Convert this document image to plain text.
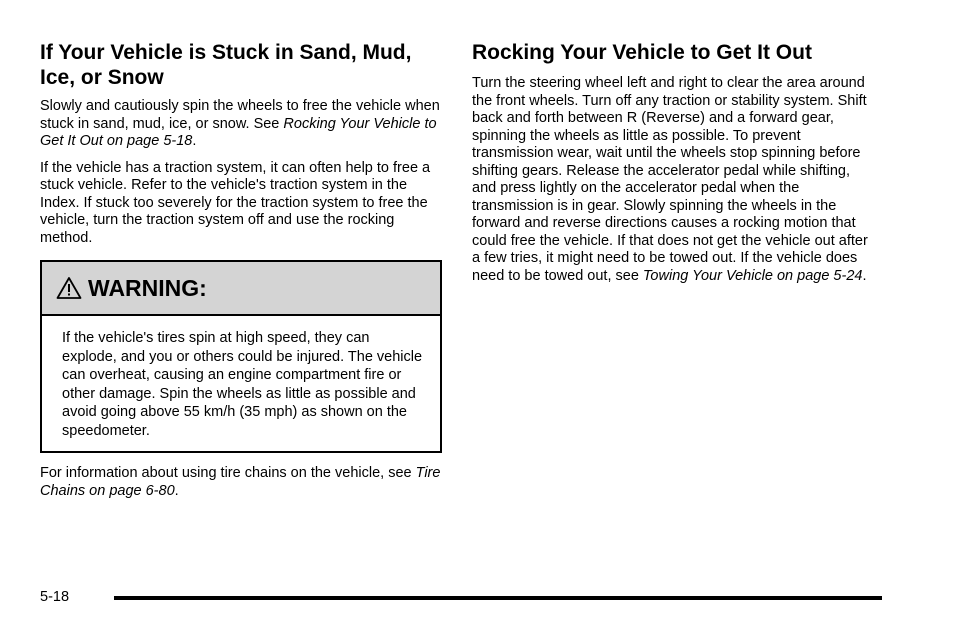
If Your Vehicle is Stuck in Sand, Mud, Ice, or Snow

Slowly and cautiously spin the wheels to free the vehicle when stuck in sand, mud, ice, or snow. See Rocking Your Vehicle to Get It Out on page 5-18.

If the vehicle has a traction system, it can often help to free a stuck vehicle. Refer to the vehicle's traction system in the Index. If stuck too severely for the traction system to free the vehicle, turn the traction system off and use the rocking method.

WARNING:
If the vehicle's tires spin at high speed, they can explode, and you or others could be injured. The vehicle can overheat, causing an engine compartment fire or other damage. Spin the wheels as little as possible and avoid going above 55 km/h (35 mph) as shown on the speedometer.

For information about using tire chains on the vehicle, see Tire Chains on page 6-80.

Rocking Your Vehicle to Get It Out

Turn the steering wheel left and right to clear the area around the front wheels. Turn off any traction or stability system. Shift back and forth between R (Reverse) and a forward gear, spinning the wheels as little as possible. To prevent transmission wear, wait until the wheels stop spinning before shifting gears. Release the accelerator pedal while shifting, and press lightly on the accelerator pedal when the transmission is in gear. Slowly spinning the wheels in the forward and reverse directions causes a rocking motion that could free the vehicle. If that does not get the vehicle out after a few tries, it might need to be towed out. If the vehicle does need to be towed out, see Towing Your Vehicle on page 5-24.

5-18
